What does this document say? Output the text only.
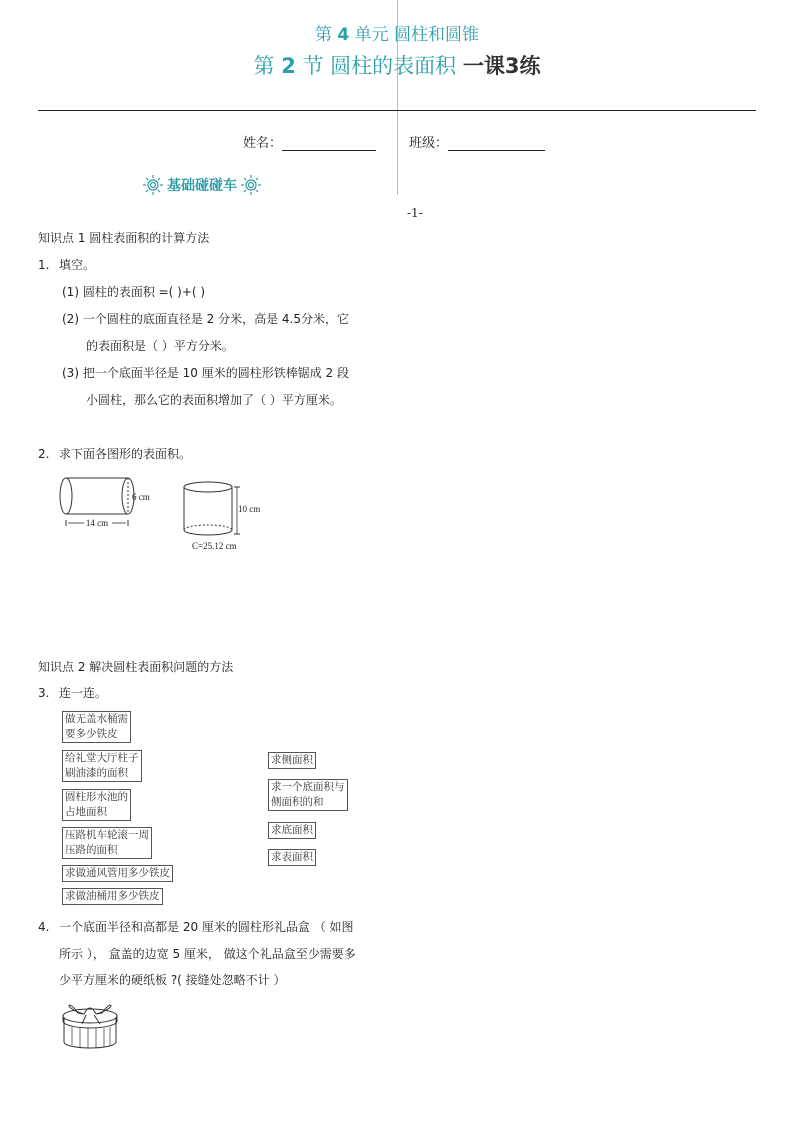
第 4 单元 圆柱和圆锥
第 2 节 圆柱的表面积 一课3练
姓名：	班级：
基础碰碰车
-1-
知识点 1 圆柱表面积的计算方法
1. 填空。
(1) 圆柱的表面积 =( )+( )
(2) 一个圆柱的底面直径是 2 分米，高是 4.5分米，它
的表面积是（ ）平方分米。
(3) 把一个底面半径是 10 厘米的圆柱形铁棒锯成 2 段
小圆柱，那么它的表面积增加了（ ）平方厘米。
2. 求下面各图形的表面积。
14 cm
6 cm
10 cm
C=25.12 cm
知识点 2 解决圆柱表面积问题的方法
3. 连一连。
做无盖水桶需
要多少铁皮
给礼堂大厅柱子
刷油漆的面积
圆柱形水池的
占地面积
压路机车轮滚一周
压路的面积
求做通风管用多少铁皮
求做油桶用多少铁皮
求侧面积
求一个底面积与
侧面积的和
求底面积
求表面积
4. 一个底面半径和高都是 20 厘米的圆柱形礼品盒 （ 如图
所示 ）， 盒盖的边宽 5 厘米， 做这个礼品盒至少需要多
少平方厘米的硬纸板 ?( 接缝处忽略不计 ）
